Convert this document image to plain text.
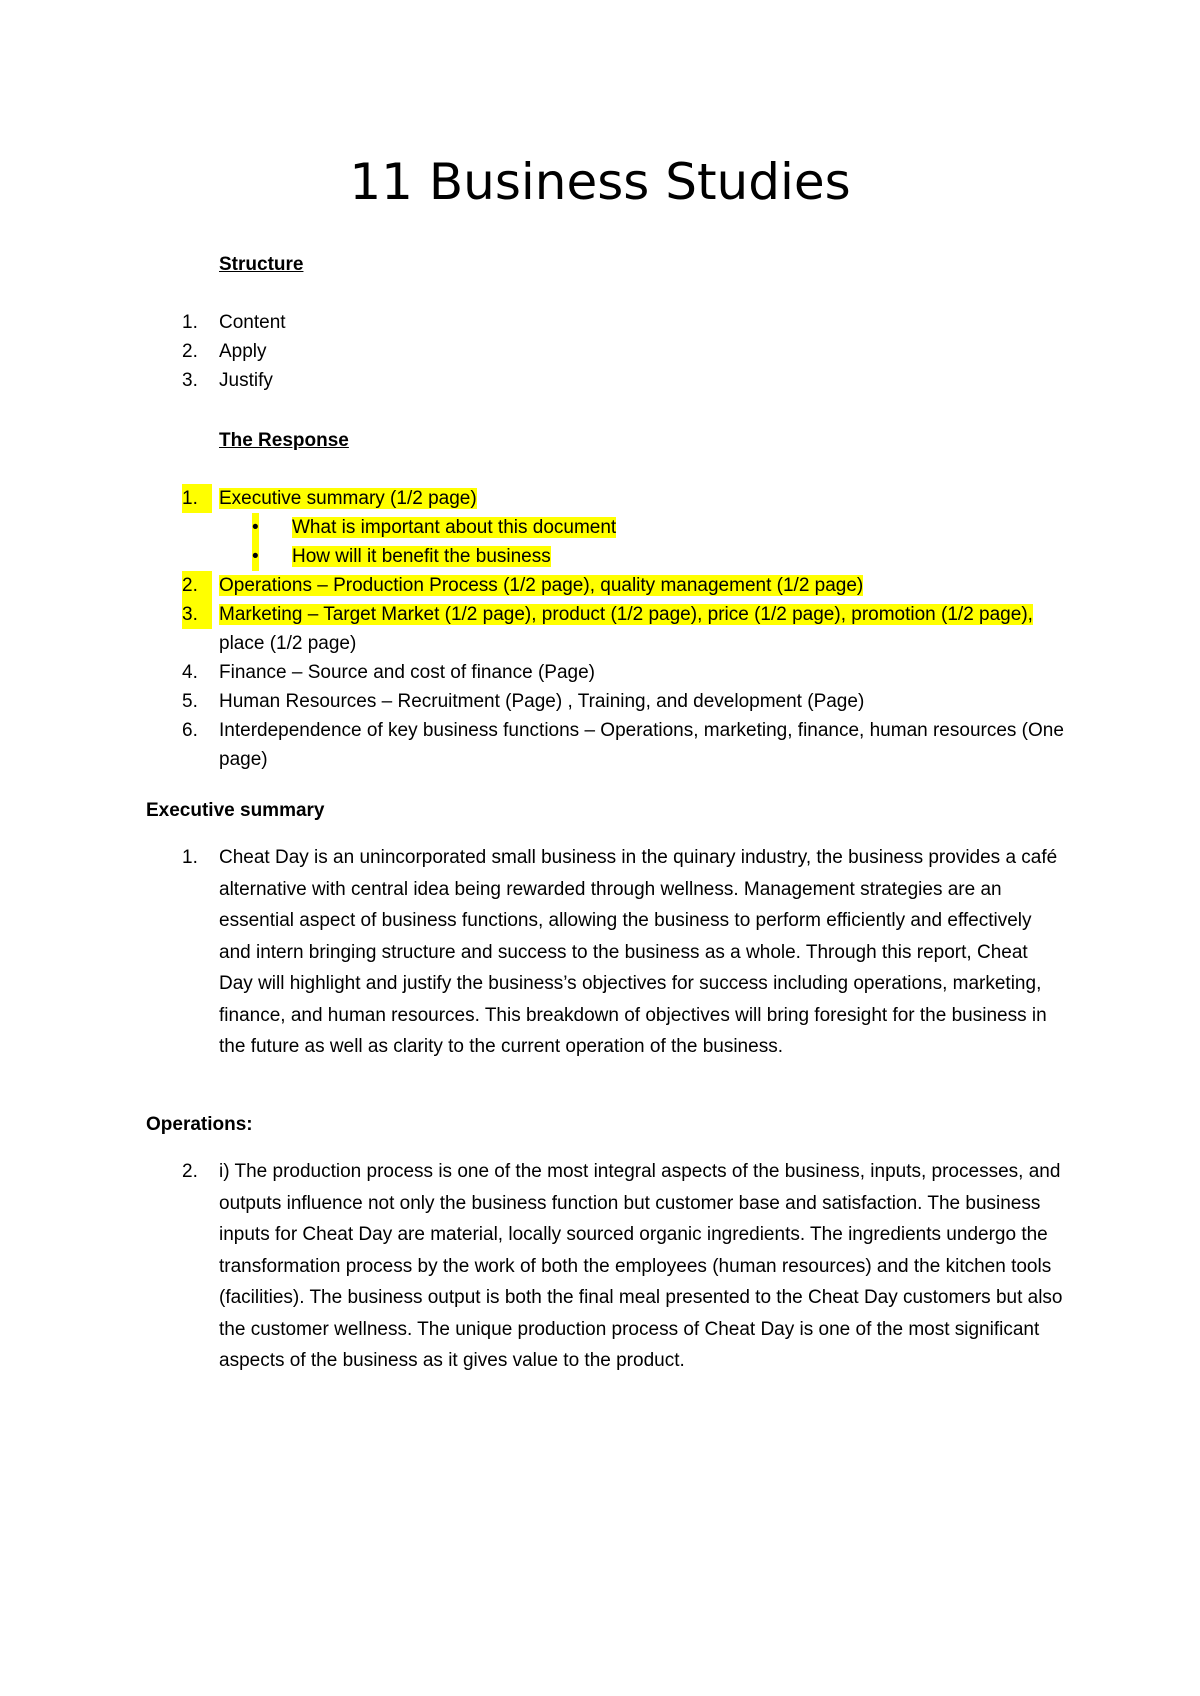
11 Business Studies
Structure
1.	Content
2.	Apply
3.	Justify
The Response
1.	Executive summary (1/2 page)
• What is important about this document
• How will it benefit the business
2.	Operations – Production Process (1/2 page), quality management (1/2 page)
3.	Marketing – Target Market (1/2 page), product (1/2 page), price (1/2 page), promotion (1/2 page), place (1/2 page)
4.	Finance – Source and cost of finance (Page)
5.	Human Resources – Recruitment (Page) , Training, and development (Page)
6.	Interdependence of key business functions – Operations, marketing, finance, human resources (One page)
Executive summary
1.	Cheat Day is an unincorporated small business in the quinary industry, the business provides a café alternative with central idea being rewarded through wellness. Management strategies are an essential aspect of business functions, allowing the business to perform efficiently and effectively and intern bringing structure and success to the business as a whole. Through this report, Cheat Day will highlight and justify the business’s objectives for success including operations, marketing, finance, and human resources. This breakdown of objectives will bring foresight for the business in the future as well as clarity to the current operation of the business.
Operations:
2.	i) The production process is one of the most integral aspects of the business, inputs, processes, and outputs influence not only the business function but customer base and satisfaction. The business inputs for Cheat Day are material, locally sourced organic ingredients. The ingredients undergo the transformation process by the work of both the employees (human resources) and the kitchen tools (facilities). The business output is both the final meal presented to the Cheat Day customers but also the customer wellness. The unique production process of Cheat Day is one of the most significant aspects of the business as it gives value to the product.
